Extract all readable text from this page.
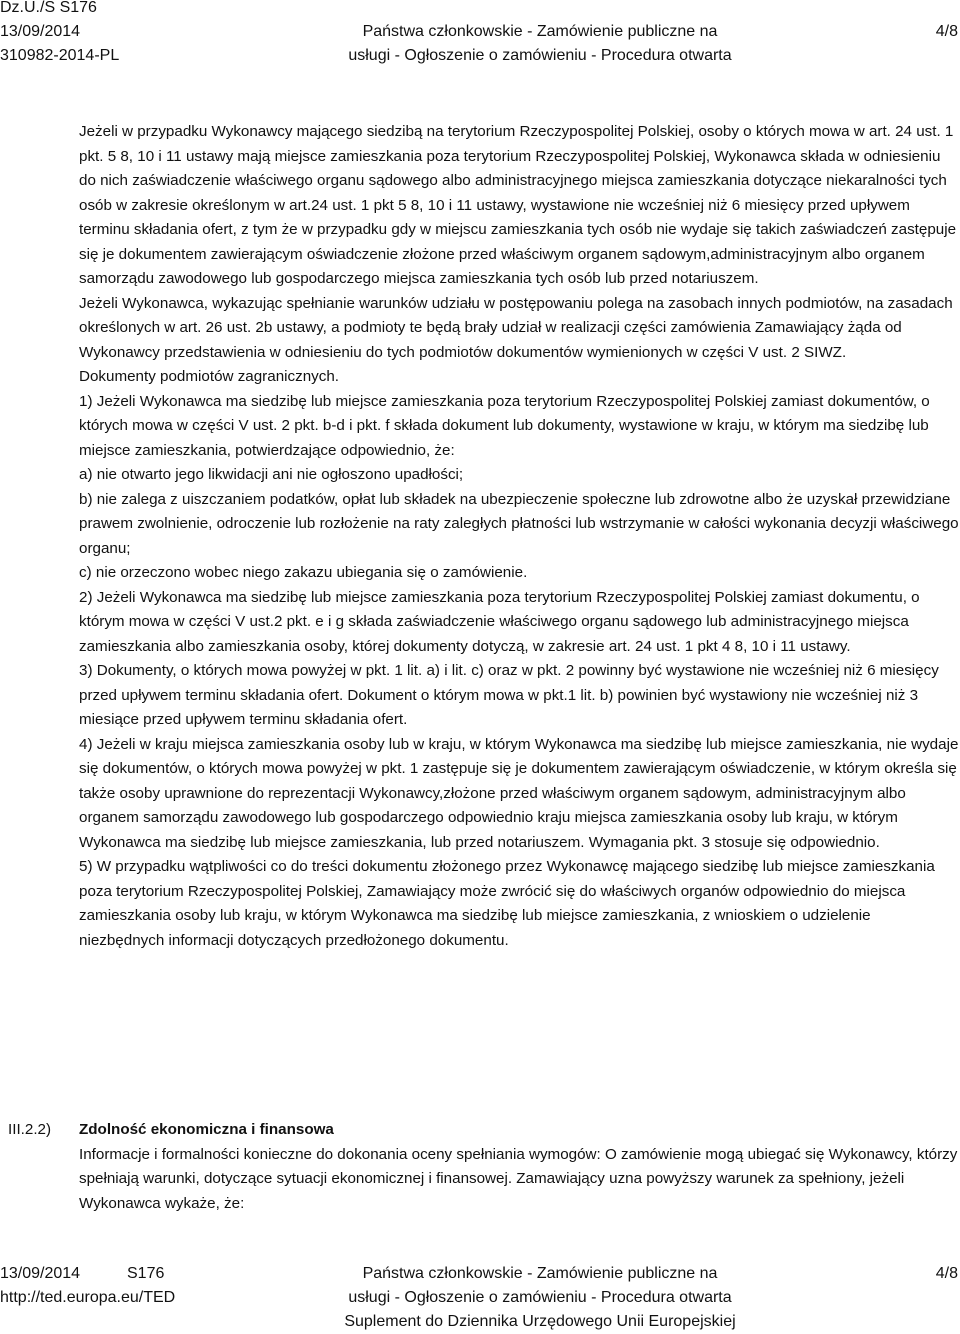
Dz.U./S S176
13/09/2014
310982-2014-PL
Państwa członkowskie - Zamówienie publiczne na
usługi - Ogłoszenie o zamówieniu - Procedura otwarta
4/8

Jeżeli w przypadku Wykonawcy mającego siedzibą na terytorium Rzeczypospolitej Polskiej, osoby o których mowa w art. 24 ust. 1 pkt. 5 8, 10 i 11 ustawy mają miejsce zamieszkania poza terytorium Rzeczypospolitej Polskiej, Wykonawca składa w odniesieniu do nich zaświadczenie właściwego organu sądowego albo administracyjnego miejsca zamieszkania dotyczące niekaralności tych osób w zakresie określonym w art.24 ust. 1 pkt 5 8, 10 i 11 ustawy, wystawione nie wcześniej niż 6 miesięcy przed upływem terminu składania ofert, z tym że w przypadku gdy w miejscu zamieszkania tych osób nie wydaje się takich zaświadczeń zastępuje się je dokumentem zawierającym oświadczenie złożone przed właściwym organem sądowym,administracyjnym albo organem samorządu zawodowego lub gospodarczego miejsca zamieszkania tych osób lub przed notariuszem.

Jeżeli Wykonawca, wykazując spełnianie warunków udziału w postępowaniu polega na zasobach innych podmiotów, na zasadach określonych w art. 26 ust. 2b ustawy, a podmioty te będą brały udział w realizacji części zamówienia Zamawiający żąda od Wykonawcy przedstawienia w odniesieniu do tych podmiotów dokumentów wymienionych w części V ust. 2 SIWZ.

Dokumenty podmiotów zagranicznych.

1) Jeżeli Wykonawca ma siedzibę lub miejsce zamieszkania poza terytorium Rzeczypospolitej Polskiej zamiast dokumentów, o których mowa w części V ust. 2 pkt. b-d i pkt. f składa dokument lub dokumenty, wystawione w kraju, w którym ma siedzibę lub miejsce zamieszkania, potwierdzające odpowiednio, że:

a) nie otwarto jego likwidacji ani nie ogłoszono upadłości;

b) nie zalega z uiszczaniem podatków, opłat lub składek na ubezpieczenie społeczne lub zdrowotne albo że uzyskał przewidziane prawem zwolnienie, odroczenie lub rozłożenie na raty zaległych płatności lub wstrzymanie w całości wykonania decyzji właściwego organu;

c) nie orzeczono wobec niego zakazu ubiegania się o zamówienie.

2) Jeżeli Wykonawca ma siedzibę lub miejsce zamieszkania poza terytorium Rzeczypospolitej Polskiej zamiast dokumentu, o którym mowa w części V ust.2 pkt. e i g składa zaświadczenie właściwego organu sądowego lub administracyjnego miejsca zamieszkania albo zamieszkania osoby, której dokumenty dotyczą, w zakresie art. 24 ust. 1 pkt 4 8, 10 i 11 ustawy.

3) Dokumenty, o których mowa powyżej w pkt. 1 lit. a) i lit. c) oraz w pkt. 2 powinny być wystawione nie wcześniej niż 6 miesięcy przed upływem terminu składania ofert. Dokument o którym mowa w pkt.1 lit. b) powinien być wystawiony nie wcześniej niż 3 miesiące przed upływem terminu składania ofert.

4) Jeżeli w kraju miejsca zamieszkania osoby lub w kraju, w którym Wykonawca ma siedzibę lub miejsce zamieszkania, nie wydaje się dokumentów, o których mowa powyżej w pkt. 1 zastępuje się je dokumentem zawierającym oświadczenie, w którym określa się także osoby uprawnione do reprezentacji Wykonawcy,złożone przed właściwym organem sądowym, administracyjnym albo organem samorządu zawodowego lub gospodarczego odpowiednio kraju miejsca zamieszkania osoby lub kraju, w którym Wykonawca ma siedzibę lub miejsce zamieszkania, lub przed notariuszem. Wymagania pkt. 3 stosuje się odpowiednio.

5) W przypadku wątpliwości co do treści dokumentu złożonego przez Wykonawcę mającego siedzibę lub miejsce zamieszkania poza terytorium Rzeczypospolitej Polskiej, Zamawiający może zwrócić się do właściwych organów odpowiednio do miejsca zamieszkania osoby lub kraju, w którym Wykonawca ma siedzibę lub miejsce zamieszkania, z wnioskiem o udzielenie niezbędnych informacji dotyczących przedłożonego dokumentu.

III.2.2) Zdolność ekonomiczna i finansowa

Informacje i formalności konieczne do dokonania oceny spełniania wymogów: O zamówienie mogą ubiegać się Wykonawcy, którzy spełniają warunki, dotyczące sytuacji ekonomicznej i finansowej. Zamawiający uzna powyższy warunek za spełniony, jeżeli Wykonawca wykaże, że:

13/09/2014	S176
http://ted.europa.eu/TED
Państwa członkowskie - Zamówienie publiczne na
usługi - Ogłoszenie o zamówieniu - Procedura otwarta
Suplement do Dziennika Urzędowego Unii Europejskiej
4/8
